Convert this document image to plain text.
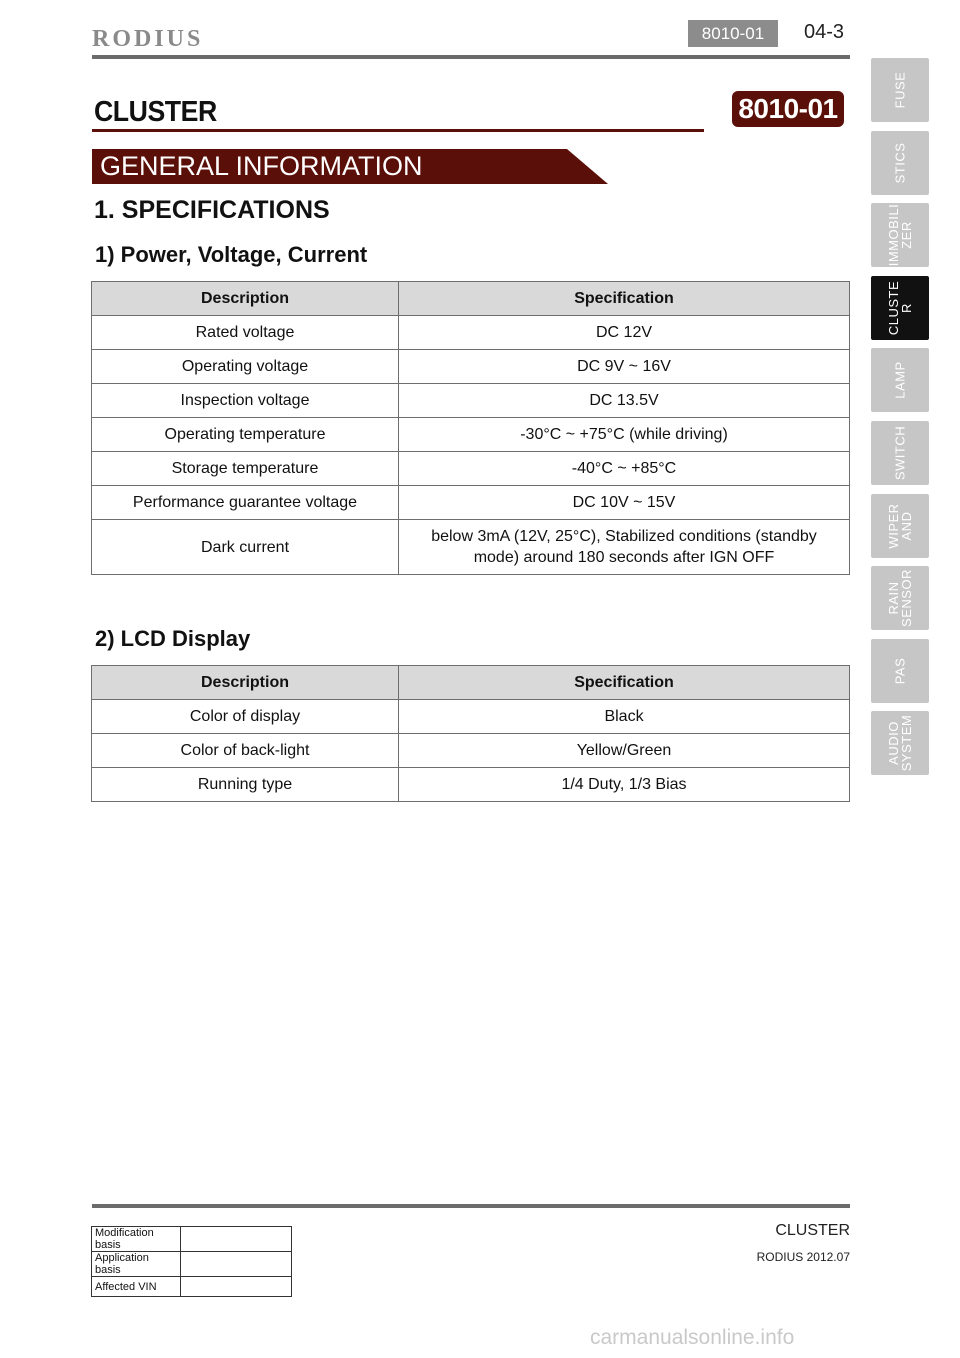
RODIUS	8010-01	04-3
CLUSTER	8010-01
GENERAL INFORMATION
1. SPECIFICATIONS
1) Power, Voltage, Current
Description	Specification
Rated voltage	DC 12V
Operating voltage	DC 9V ~ 16V
Inspection voltage	DC 13.5V
Operating temperature	-30°C ~ +75°C (while driving)
Storage temperature	-40°C ~ +85°C
Performance guarantee voltage	DC 10V ~ 15V
Dark current	below 3mA (12V, 25°C), Stabilized conditions (standby
mode) around 180 seconds after IGN OFF
2) LCD Display
Description	Specification
Color of display	Black
Color of back-light	Yellow/Green
Running type	1/4 Duty, 1/3 Bias
FUSE
STICS
IMMOBILI
ZER
CLUSTE
R
LAMP
SWITCH
WIPER
AND
RAIN
SENSOR
PAS
AUDIO
SYSTEM
Modification basis	
Application basis	
Affected VIN	
CLUSTER
RODIUS 2012.07
carmanualsonline.info
